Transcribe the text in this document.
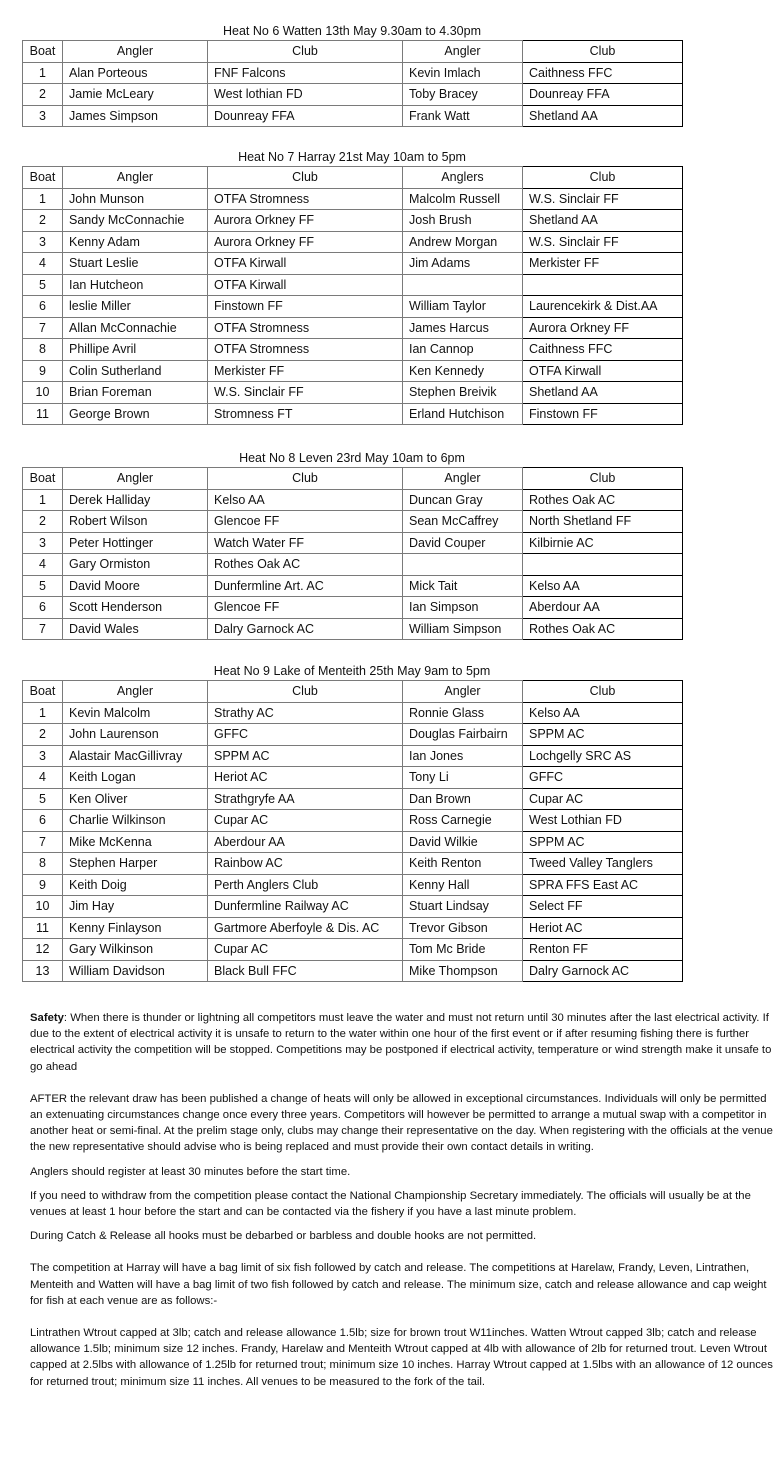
Heat No 6 Watten 13th May 9.30am to 4.30pm
Boat	Angler	Club	Angler	Club
1	Alan Porteous	FNF Falcons	Kevin Imlach	Caithness FFC
2	Jamie McLeary	West lothian FD	Toby Bracey	Dounreay FFA
3	James Simpson	Dounreay FFA	Frank Watt	Shetland AA
Heat No 7 Harray 21st May 10am to 5pm
Boat	Angler	Club	Anglers	Club
1	John Munson	OTFA Stromness	Malcolm Russell	W.S. Sinclair FF
2	Sandy McConnachie	Aurora Orkney FF	Josh Brush	Shetland AA
3	Kenny Adam	Aurora Orkney FF	Andrew Morgan	W.S. Sinclair FF
4	Stuart Leslie	OTFA Kirwall	Jim Adams	Merkister FF
5	Ian Hutcheon	OTFA Kirwall		
6	leslie Miller	Finstown FF	William Taylor	Laurencekirk & Dist.AA
7	Allan McConnachie	OTFA Stromness	James Harcus	Aurora Orkney FF
8	Phillipe Avril	OTFA Stromness	Ian Cannop	Caithness FFC
9	Colin Sutherland	Merkister FF	Ken Kennedy	OTFA Kirwall
10	Brian Foreman	W.S. Sinclair FF	Stephen Breivik	Shetland AA
11	George Brown	Stromness FT	Erland Hutchison	Finstown FF
Heat No 8 Leven 23rd May 10am to 6pm
Boat	Angler	Club	Angler	Club
1	Derek Halliday	Kelso AA	Duncan Gray	Rothes Oak AC
2	Robert Wilson	Glencoe FF	Sean McCaffrey	North Shetland FF
3	Peter Hottinger	Watch Water FF	David Couper	Kilbirnie AC
4	Gary Ormiston	Rothes Oak AC		
5	David Moore	Dunfermline Art. AC	Mick Tait	Kelso AA
6	Scott Henderson	Glencoe FF	Ian Simpson	Aberdour AA
7	David Wales	Dalry Garnock AC	William Simpson	Rothes Oak AC
Heat No 9 Lake of Menteith 25th May 9am to 5pm
Boat	Angler	Club	Angler	Club
1	Kevin Malcolm	Strathy AC	Ronnie Glass	Kelso AA
2	John Laurenson	GFFC	Douglas Fairbairn	SPPM AC
3	Alastair MacGillivray	SPPM AC	Ian Jones	Lochgelly SRC AS
4	Keith Logan	Heriot AC	Tony Li	GFFC
5	Ken Oliver	Strathgryfe AA	Dan Brown	Cupar AC
6	Charlie Wilkinson	Cupar AC	Ross Carnegie	West Lothian FD
7	Mike McKenna	Aberdour AA	David Wilkie	SPPM AC
8	Stephen Harper	Rainbow AC	Keith Renton	Tweed Valley Tanglers
9	Keith Doig	Perth Anglers Club	Kenny Hall	SPRA FFS East AC
10	Jim Hay	Dunfermline Railway AC	Stuart Lindsay	Select FF
11	Kenny Finlayson	Gartmore Aberfoyle & Dis. AC	Trevor Gibson	Heriot AC
12	Gary Wilkinson	Cupar AC	Tom Mc Bride	Renton FF
13	William Davidson	Black Bull FFC	Mike Thompson	Dalry Garnock AC

Safety: When there is thunder or lightning all competitors must leave the water and must not return until 30 minutes after the last electrical activity. If due to the extent of electrical activity it is unsafe to return to the water within one hour of the first event or if after resuming fishing there is further electrical activity the competition will be stopped. Competitions may be postponed if electrical activity, temperature or wind strength make it unsafe to go ahead

AFTER the relevant draw has been published a change of heats will only be allowed in exceptional circumstances. Individuals will only be permitted an extenuating circumstances change once every three years. Competitors will however be permitted to arrange a mutual swap with a competitor in another heat or semi-final. At the prelim stage only, clubs may change their representative on the day. When registering with the officials at the venue the new representative should advise who is being replaced and must provide their own contact details in writing.

Anglers should register at least 30 minutes before the start time.

If you need to withdraw from the competition please contact the National Championship Secretary immediately. The officials will usually be at the venues at least 1 hour before the start and can be contacted via the fishery if you have a last minute problem.

During Catch & Release all hooks must be debarbed or barbless and double hooks are not permitted.

The competition at Harray will have a bag limit of six fish followed by catch and release. The competitions at Harelaw, Frandy, Leven, Lintrathen, Menteith and Watten will have a bag limit of two fish followed by catch and release. The minimum size, catch and release allowance and cap weight for fish at each venue are as follows:-

Lintrathen Wtrout capped at 3lb; catch and release allowance 1.5lb; size for brown trout W11inches. Watten Wtrout capped 3lb; catch and release allowance 1.5lb; minimum size 12 inches. Frandy, Harelaw and Menteith Wtrout capped at 4lb with allowance of 2lb for returned trout. Leven Wtrout capped at 2.5lbs with allowance of 1.25lb for returned trout; minimum size 10 inches. Harray Wtrout capped at 1.5lbs with an allowance of 12 ounces for returned trout; minimum size 11 inches. All venues to be measured to the fork of the tail.
